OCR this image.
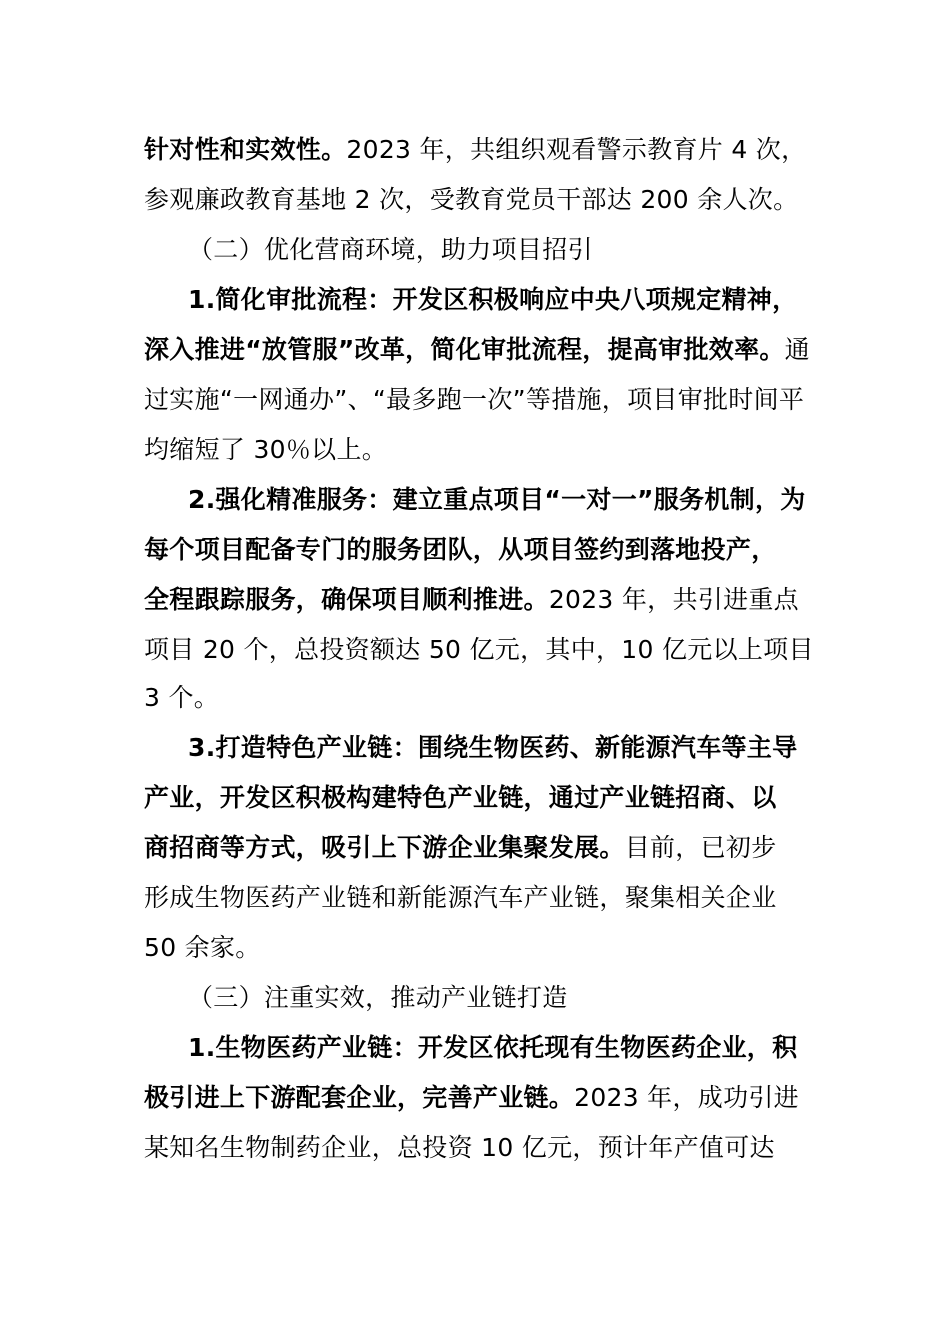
针对性和实效性。2023 年，共组织观看警示教育片 4 次，
参观廉政教育基地 2 次，受教育党员干部达 200 余人次。
（二）优化营商环境，助力项目招引
1.简化审批流程：开发区积极响应中央八项规定精神，
深入推进“放管服”改革，简化审批流程，提高审批效率。通
过实施“一网通办”、“最多跑一次”等措施，项目审批时间平
均缩短了 30％以上。
2.强化精准服务：建立重点项目“一对一”服务机制，为
每个项目配备专门的服务团队，从项目签约到落地投产，
全程跟踪服务，确保项目顺利推进。2023 年，共引进重点
项目 20 个，总投资额达 50 亿元，其中，10 亿元以上项目
3 个。
3.打造特色产业链：围绕生物医药、新能源汽车等主导
产业，开发区积极构建特色产业链，通过产业链招商、以
商招商等方式，吸引上下游企业集聚发展。目前，已初步
形成生物医药产业链和新能源汽车产业链，聚集相关企业
50 余家。
（三）注重实效，推动产业链打造
1.生物医药产业链：开发区依托现有生物医药企业，积
极引进上下游配套企业，完善产业链。2023 年，成功引进
某知名生物制药企业，总投资 10 亿元，预计年产值可达
